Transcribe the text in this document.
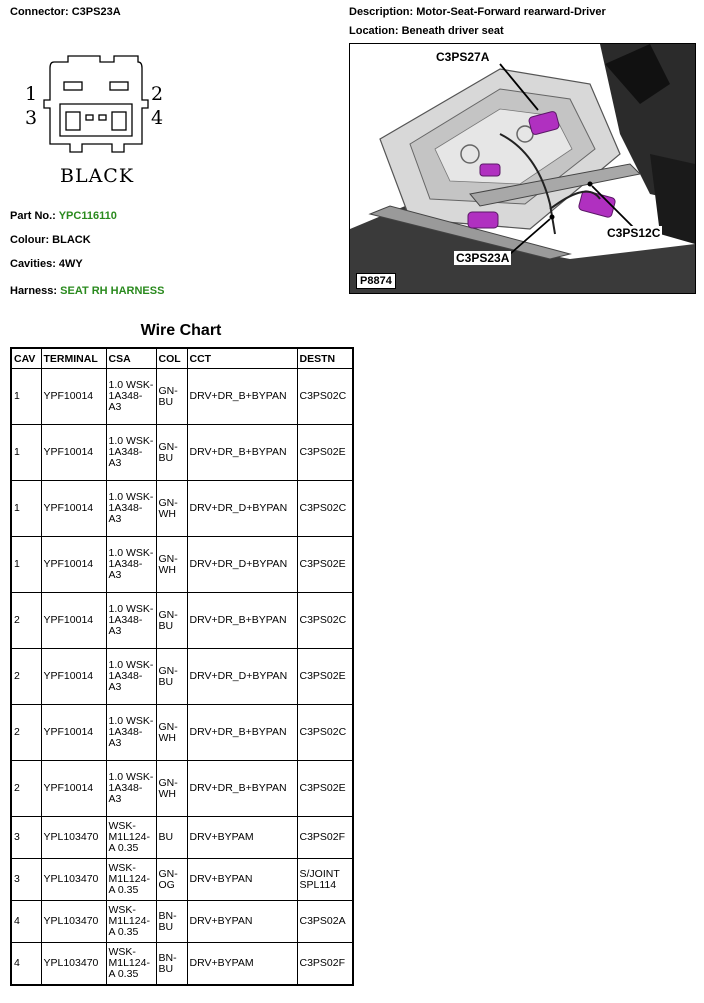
Connector: C3PS23A	Description: Motor-Seat-Forward rearward-Driver
Location: Beneath driver seat
1	2
3	4
BLACK
Part No.: YPC116110
Colour: BLACK
Cavities: 4WY
Harness: SEAT RH HARNESS
C3PS27A
C3PS12C
C3PS23A
P8874
Wire Chart
CAV	TERMINAL	CSA	COL	CCT	DESTN
1	YPF10014	1.0 WSK-1A348-A3	GN-BU	DRV+DR_B+BYPAN	C3PS02C
1	YPF10014	1.0 WSK-1A348-A3	GN-BU	DRV+DR_B+BYPAN	C3PS02E
1	YPF10014	1.0 WSK-1A348-A3	GN-WH	DRV+DR_D+BYPAN	C3PS02C
1	YPF10014	1.0 WSK-1A348-A3	GN-WH	DRV+DR_D+BYPAN	C3PS02E
2	YPF10014	1.0 WSK-1A348-A3	GN-BU	DRV+DR_B+BYPAN	C3PS02C
2	YPF10014	1.0 WSK-1A348-A3	GN-BU	DRV+DR_D+BYPAN	C3PS02E
2	YPF10014	1.0 WSK-1A348-A3	GN-WH	DRV+DR_B+BYPAN	C3PS02C
2	YPF10014	1.0 WSK-1A348-A3	GN-WH	DRV+DR_B+BYPAN	C3PS02E
3	YPL103470	WSK-M1L124-A 0.35	BU	DRV+BYPAM	C3PS02F
3	YPL103470	WSK-M1L124-A 0.35	GN-OG	DRV+BYPAN	S/JOINT SPL114
4	YPL103470	WSK-M1L124-A 0.35	BN-BU	DRV+BYPAN	C3PS02A
4	YPL103470	WSK-M1L124-A 0.35	BN-BU	DRV+BYPAM	C3PS02F
